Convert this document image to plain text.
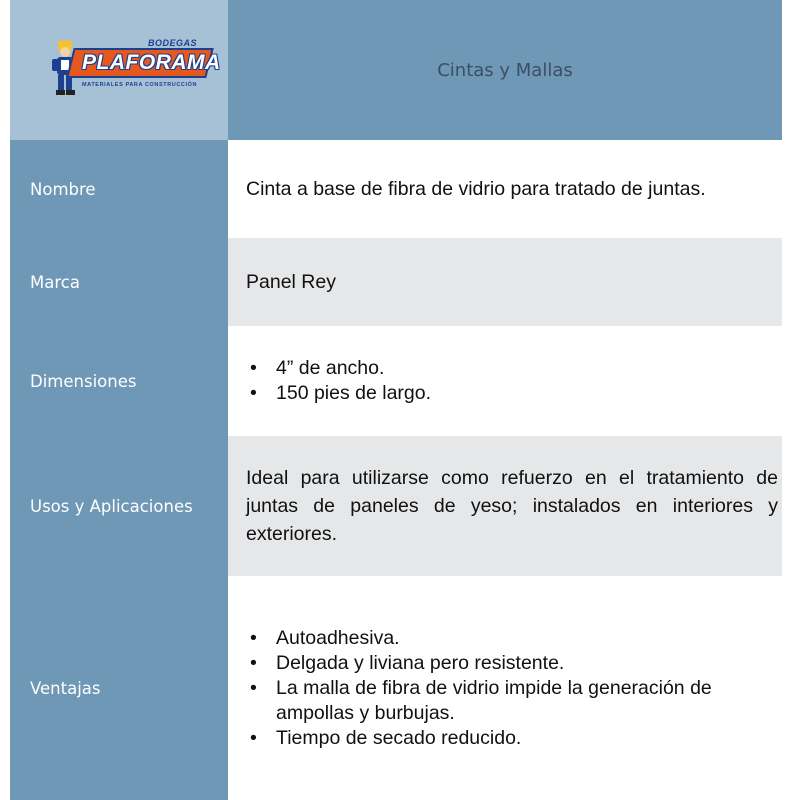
BODEGAS
PLAFORAMA
MATERIALES PARA CONSTRUCCIÓN
Cintas y Mallas
Nombre	Cinta a base de fibra de vidrio para tratado de juntas.
Marca	Panel Rey
Dimensiones
• 4” de ancho.
• 150 pies de largo.
Usos y Aplicaciones
Ideal para utilizarse como refuerzo en el tratamiento de juntas de paneles de yeso; instalados en interiores y exteriores.
Ventajas
• Autoadhesiva.
• Delgada y liviana pero resistente.
• La malla de fibra de vidrio impide la generación de ampollas y burbujas.
• Tiempo de secado reducido.
